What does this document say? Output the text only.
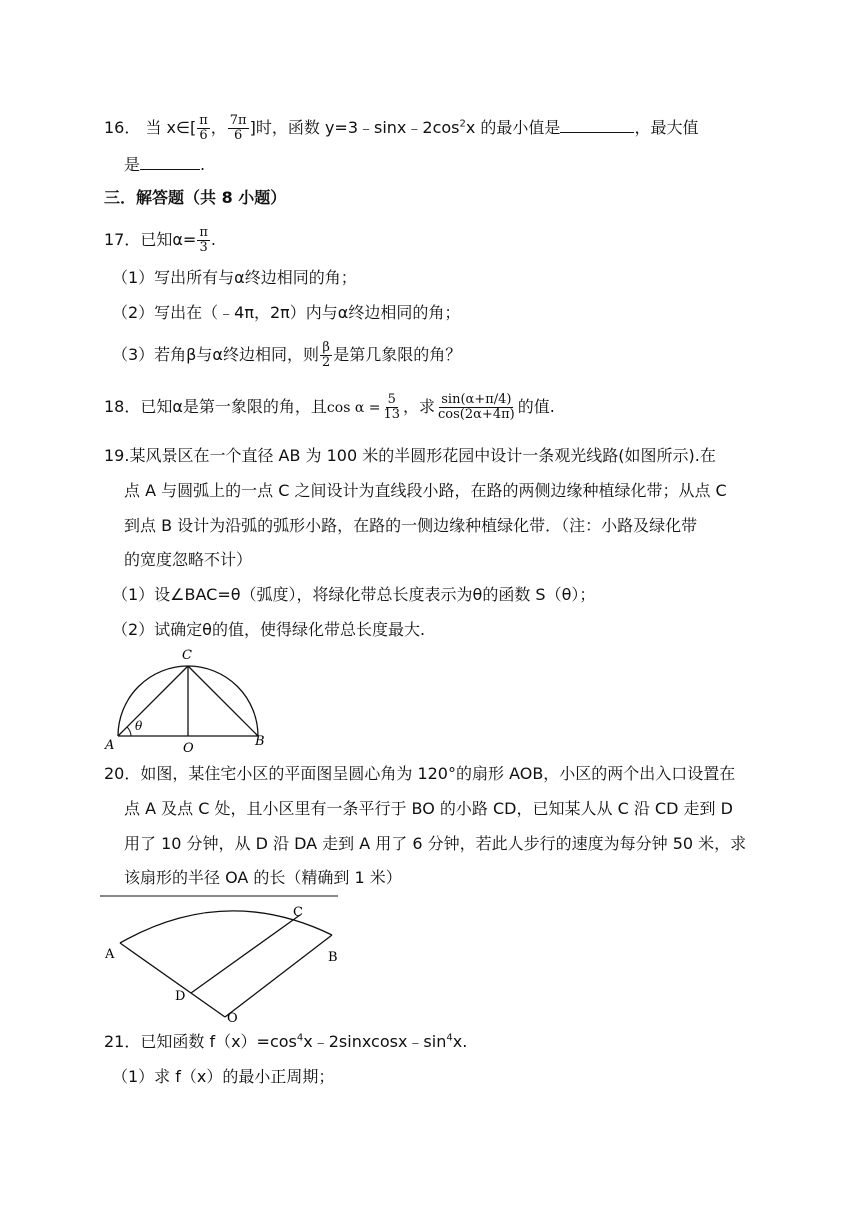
16． 当 x∈[ $\frac{\pi}{6}$ ， $\frac{7\pi}{6}$ ]时，函数 $y=3﹣\sin x﹣2\cos^2x$ 的最小值是	，最大值
是	.
三．解答题（共 8 小题）
17．已知$\alpha= \frac{\pi}{3}$ .
（1）写出所有与α终边相同的角；
（2）写出在（﹣4π，2π）内与α终边相同的角；
（3）若角β与α终边相同，则 $\frac{\beta}{2}$ 是第几象限的角？
18．已知α是第一象限的角，且$\cos \alpha = \frac{5}{13}$ ，求 $\frac{\sin(\alpha+\pi/4)}{\cos(2\alpha+4\pi)}$ 的值.
19.某风景区在一个直径 AB 为 100 米的半圆形花园中设计一条观光线路(如图所示).在
点 A 与圆弧上的一点 C 之间设计为直线段小路，在路的两侧边缘种植绿化带；从点 C
到点 B 设计为沿弧的弧形小路，在路的一侧边缘种植绿化带．（注：小路及绿化带
的宽度忽略不计）
（1）设∠BAC=θ（弧度），将绿化带总长度表示为θ的函数 S（θ）；
（2）试确定θ的值，使得绿化带总长度最大.
C
A	O	B
θ
20．如图，某住宅小区的平面图呈圆心角为 120°的扇形 AOB，小区的两个出入口设置在
点 A 及点 C 处，且小区里有一条平行于 BO 的小路 CD，已知某人从 C 沿 CD 走到 D
用了 10 分钟，从 D 沿 DA 走到 A 用了 6 分钟，若此人步行的速度为每分钟 50 米，求
该扇形的半径 OA 的长（精确到 1 米）
C
A	B
D
O
21．已知函数 $f(x)=\cos^4x﹣2sinxcosx﹣\sin^4x$.
（1）求 f（x）的最小正周期；
